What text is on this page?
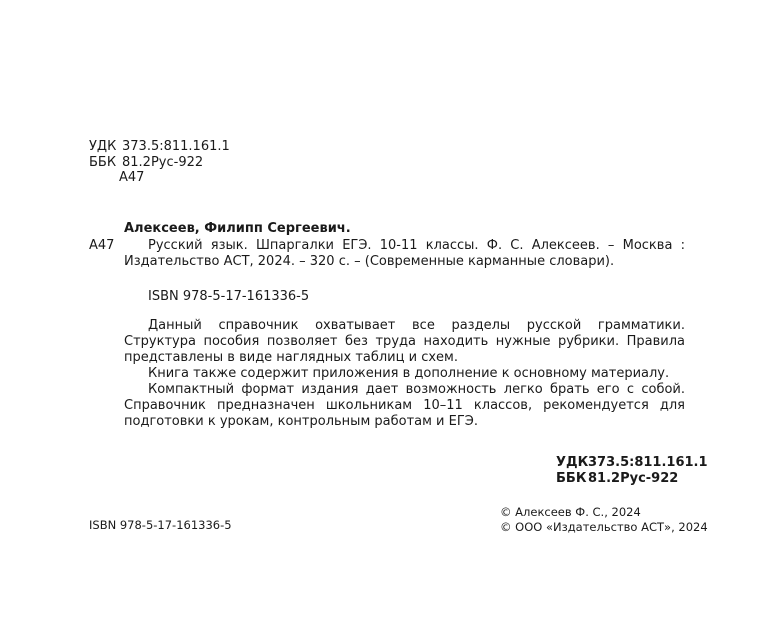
УДК 373.5:811.161.1
ББК 81.2Рус-922
А47
Алексеев, Филипп Сергеевич.
А47	Русский язык. Шпаргалки ЕГЭ. 10-11 классы. Ф. С. Алексеев. – Москва : Издательство АСТ, 2024. – 320 с. – (Современные карманные словари).
ISBN 978-5-17-161336-5

Данный справочник охватывает все разделы русской грамматики. Структура пособия позволяет без труда находить нужные рубрики. Правила представлены в виде наглядных таблиц и схем.

Книга также содержит приложения в дополнение к основному материалу.

Компактный формат издания дает возможность легко брать его с собой. Справочник предназначен школьникам 10–11 классов, рекомендуется для подготовки к урокам, контрольным работам и ЕГЭ.

УДК373.5:811.161.1
ББК 81.2Рус-922
ISBN 978-5-17-161336-5
© Алексеев Ф. С., 2024
© ООО «Издательство АСТ», 2024
